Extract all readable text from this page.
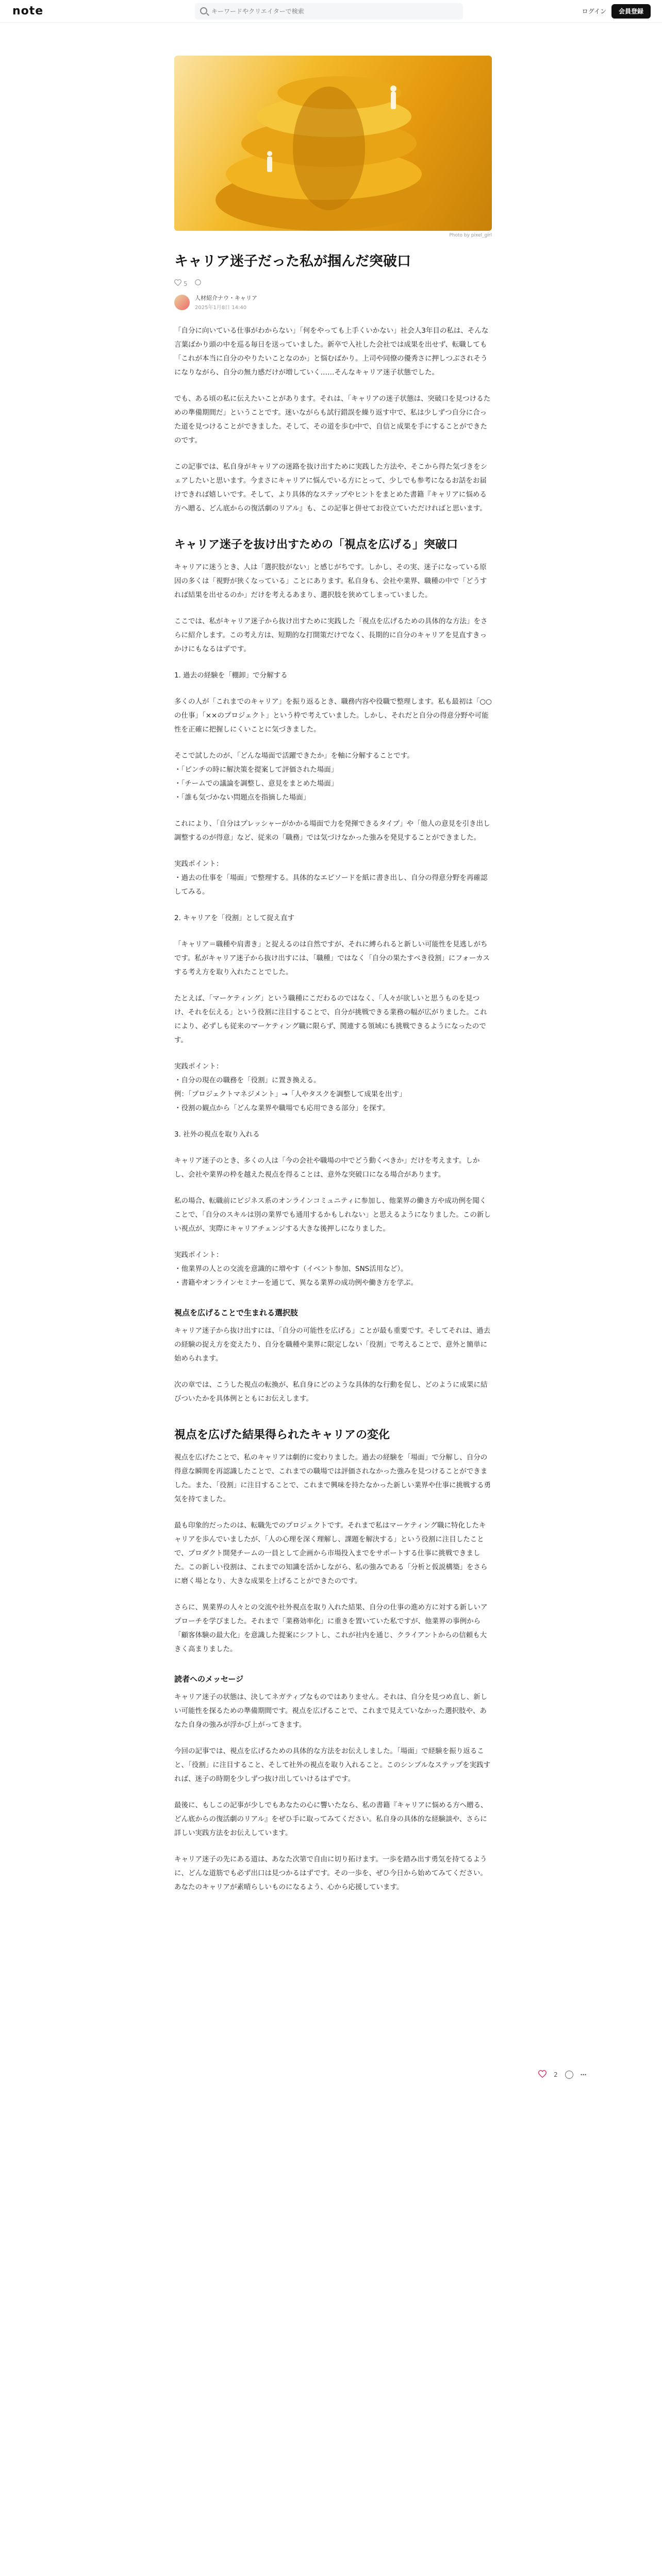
note
キーワードやクリエイターで検索	ログイン	会員登録
Photo by pixel_girl
キャリア迷子だった私が掴んだ突破口
5
人材紹介ナウ・キャリア
2025年1月8日 14:40
「自分に向いている仕事がわからない」「何をやっても上手くいかない」社会人3年目の私は、そんな言葉ばかり頭の中を巡る毎日を送っていました。新卒で入社した会社では成果を出せず、転職しても「これが本当に自分のやりたいことなのか」と悩むばかり。上司や同僚の優秀さに押しつぶされそうになりながら、自分の無力感だけが増していく……そんなキャリア迷子状態でした。
でも、ある頃の私に伝えたいことがあります。それは、「キャリアの迷子状態は、突破口を見つけるための準備期間だ」ということです。迷いながらも試行錯誤を繰り返す中で、私は少しずつ自分に合った道を見つけることができました。そして、その道を歩む中で、自信と成果を手にすることができたのです。
この記事では、私自身がキャリアの迷路を抜け出すために実践した方法や、そこから得た気づきをシェアしたいと思います。今まさにキャリアに悩んでいる方にとって、少しでも参考になるお話をお届けできれば嬉しいです。そして、より具体的なステップやヒントをまとめた書籍『キャリアに悩める方へ贈る、どん底からの復活劇のリアル』も、この記事と併せてお役立ていただければと思います。
キャリア迷子を抜け出すための「視点を広げる」突破口
キャリアに迷うとき、人は「選択肢がない」と感じがちです。しかし、その実、迷子になっている原因の多くは「視野が狭くなっている」ことにあります。私自身も、会社や業界、職種の中で「どうすれば結果を出せるのか」だけを考えるあまり、選択肢を狭めてしまっていました。
ここでは、私がキャリア迷子から抜け出すために実践した「視点を広げるための具体的な方法」をさらに紹介します。この考え方は、短期的な打開策だけでなく、長期的に自分のキャリアを見直すきっかけにもなるはずです。
1. 過去の経験を「棚卸」で分解する
多くの人が「これまでのキャリア」を振り返るとき、職務内容や役職で整理します。私も最初は「○○の仕事」「××のプロジェクト」という枠で考えていました。しかし、それだと自分の得意分野や可能性を正確に把握しにくいことに気づきました。
そこで試したのが、「どんな場面で活躍できたか」を軸に分解することです。
・「ピンチの時に解決策を提案して評価された場面」
・「チームでの議論を調整し、意見をまとめた場面」
・「誰も気づかない問題点を指摘した場面」
これにより、「自分はプレッシャーがかかる場面で力を発揮できるタイプ」や「他人の意見を引き出し調整するのが得意」など、従来の「職務」では気づけなかった強みを発見することができました。
実践ポイント：
・過去の仕事を「場面」で整理する。具体的なエピソードを紙に書き出し、自分の得意分野を再確認してみる。
2. キャリアを「役割」として捉え直す
「キャリア＝職種や肩書き」と捉えるのは自然ですが、それに縛られると新しい可能性を見逃しがちです。私がキャリア迷子から抜け出すには、「職種」ではなく「自分の果たすべき役割」にフォーカスする考え方を取り入れたことでした。
たとえば、「マーケティング」という職種にこだわるのではなく、「人々が欲しいと思うものを見つけ、それを伝える」という役割に注目することで、自分が挑戦できる業務の幅が広がりました。これにより、必ずしも従来のマーケティング職に限らず、関連する領域にも挑戦できるようになったのです。
実践ポイント：
・自分の現在の職務を「役割」に置き換える。
例：「プロジェクトマネジメント」→「人やタスクを調整して成果を出す」
・役割の観点から「どんな業界や職場でも応用できる部分」を探す。
3. 社外の視点を取り入れる
キャリア迷子のとき、多くの人は「今の会社や職場の中でどう動くべきか」だけを考えます。しかし、会社や業界の枠を越えた視点を得ることは、意外な突破口になる場合があります。
私の場合、転職前にビジネス系のオンラインコミュニティに参加し、他業界の働き方や成功例を聞くことで、「自分のスキルは別の業界でも通用するかもしれない」と思えるようになりました。この新しい視点が、実際にキャリアチェンジする大きな後押しになりました。
実践ポイント：
・他業界の人との交流を意識的に増やす（イベント参加、SNS活用など）。
・書籍やオンラインセミナーを通じて、異なる業界の成功例や働き方を学ぶ。
視点を広げることで生まれる選択肢
キャリア迷子から抜け出すには、「自分の可能性を広げる」ことが最も重要です。そしてそれは、過去の経験の捉え方を変えたり、自分を職種や業界に限定しない「役割」で考えることで、意外と簡単に始められます。
次の章では、こうした視点の転換が、私自身にどのような具体的な行動を促し、どのように成果に結びついたかを具体例とともにお伝えします。
視点を広げた結果得られたキャリアの変化
視点を広げたことで、私のキャリアは劇的に変わりました。過去の経験を「場面」で分解し、自分の得意な瞬間を再認識したことで、これまでの職場では評価されなかった強みを見つけることができました。また、「役割」に注目することで、これまで興味を持たなかった新しい業界や仕事に挑戦する勇気を持てました。
最も印象的だったのは、転職先でのプロジェクトです。それまで私はマーケティング職に特化したキャリアを歩んでいましたが、「人の心理を深く理解し、課題を解決する」という役割に注目したことで、プロダクト開発チームの一員として企画から市場投入までをサポートする仕事に挑戦できました。この新しい役割は、これまでの知識を活かしながら、私の強みである「分析と仮説構築」をさらに磨く場となり、大きな成果を上げることができたのです。
さらに、異業界の人々との交流や社外視点を取り入れた結果、自分の仕事の進め方に対する新しいアプローチを学びました。それまで「業務効率化」に重きを置いていた私ですが、他業界の事例から「顧客体験の最大化」を意識した提案にシフトし、これが社内を通じ、クライアントからの信頼も大きく高まりました。
読者へのメッセージ
キャリア迷子の状態は、決してネガティブなものではありません。それは、自分を見つめ直し、新しい可能性を探るための準備期間です。視点を広げることで、これまで見えていなかった選択肢や、あなた自身の強みが浮かび上がってきます。
今回の記事では、視点を広げるための具体的な方法をお伝えしました。「場面」で経験を振り返ること、「役割」に注目すること、そして社外の視点を取り入れること。このシンプルなステップを実践すれば、迷子の時期を少しずつ抜け出していけるはずです。
最後に、もしこの記事が少しでもあなたの心に響いたなら、私の書籍『キャリアに悩める方へ贈る、どん底からの復活劇のリアル』をぜひ手に取ってみてください。私自身の具体的な経験談や、さらに詳しい実践方法をお伝えしています。
キャリア迷子の先にある道は、あなた次第で自由に切り拓けます。一歩を踏み出す勇気を持てるように、どんな道筋でも必ず出口は見つかるはずです。その一歩を、ぜひ今日から始めてみてください。あなたのキャリアが素晴らしいものになるよう、心から応援しています。
2	⋯
